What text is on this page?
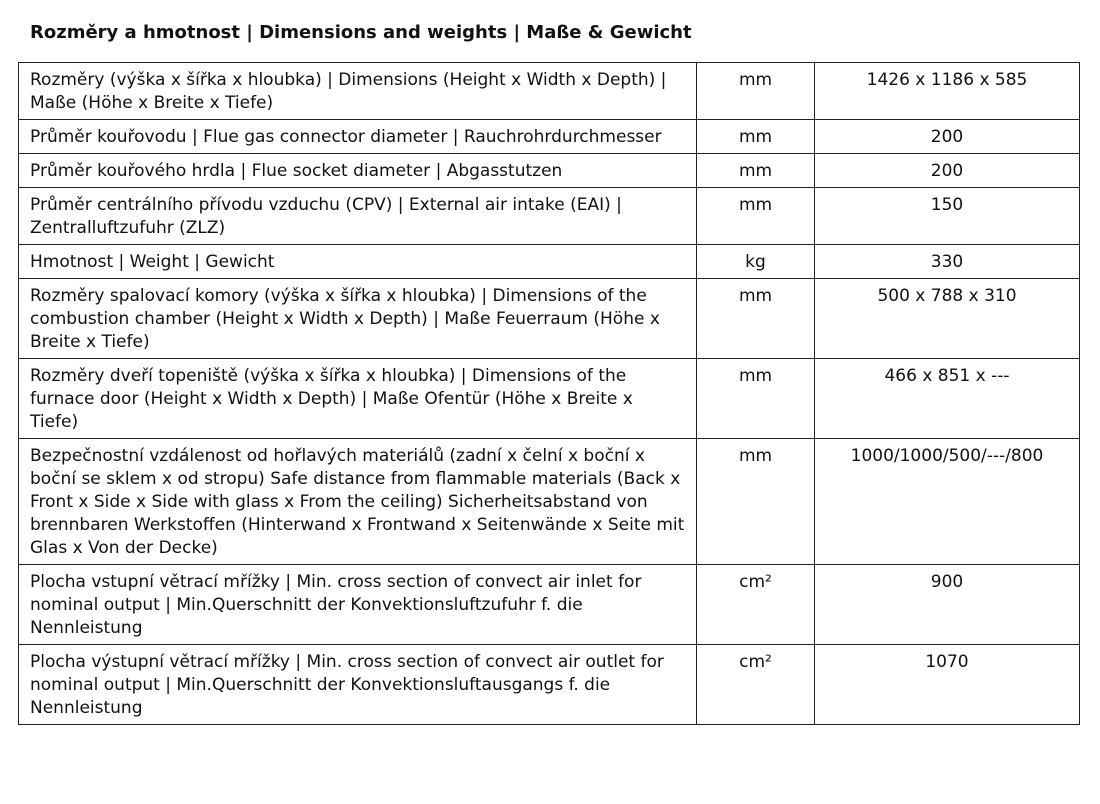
Rozměry a hmotnost | Dimensions and weights | Maße & Gewicht
Rozměry (výška x šířka x hloubka) | Dimensions (Height x Width x Depth) | Maße (Höhe x Breite x Tiefe)	mm	1426 x 1186 x 585
Průměr kouřovodu | Flue gas connector diameter | Rauchrohrdurchmesser	mm	200
Průměr kouřového hrdla | Flue socket diameter | Abgasstutzen	mm	200
Průměr centrálního přívodu vzduchu (CPV) | External air intake (EAI) | Zentralluftzufuhr (ZLZ)	mm	150
Hmotnost | Weight | Gewicht	kg	330
Rozměry spalovací komory (výška x šířka x hloubka) | Dimensions of the combustion chamber (Height x Width x Depth) | Maße Feuerraum (Höhe x Breite x Tiefe)	mm	500 x 788 x 310
Rozměry dveří topeniště (výška x šířka x hloubka) | Dimensions of the furnace door (Height x Width x Depth) | Maße Ofentür (Höhe x Breite x Tiefe)	mm	466 x 851 x ---
Bezpečnostní vzdálenost od hořlavých materiálů (zadní x čelní x boční x boční se sklem x od stropu) Safe distance from flammable materials (Back x Front x Side x Side with glass x From the ceiling) Sicherheitsabstand von brennbaren Werkstoffen (Hinterwand x Frontwand x Seitenwände x Seite mit Glas x Von der Decke)	mm	1000/1000/500/---/800
Plocha vstupní větrací mřížky | Min. cross section of convect air inlet for nominal output | Min.Querschnitt der Konvektionsluftzufuhr f. die Nennleistung	cm²	900
Plocha výstupní větrací mřížky | Min. cross section of convect air outlet for nominal output | Min.Querschnitt der Konvektionsluftausgangs f. die Nennleistung	cm²	1070
